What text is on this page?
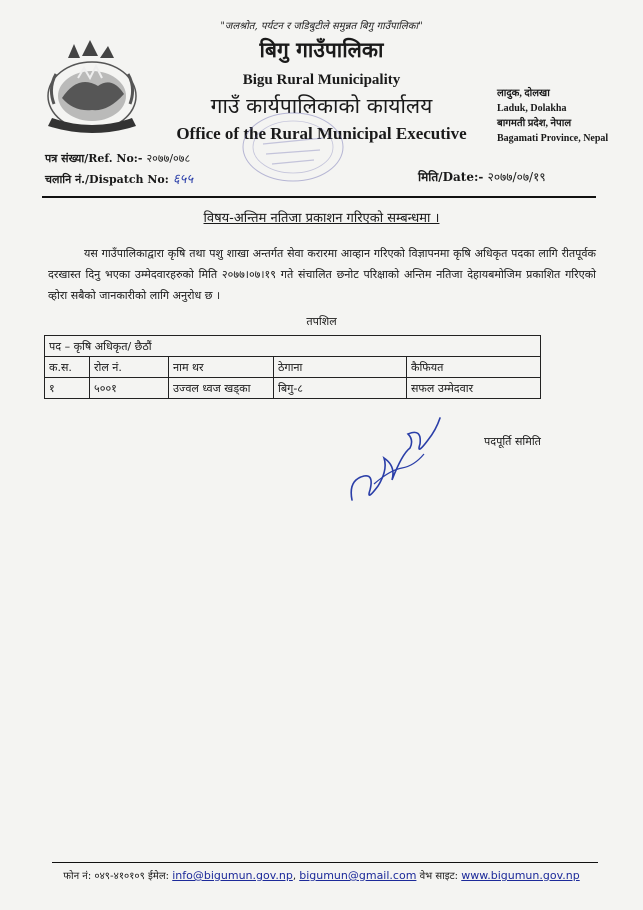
"जलश्रोत, पर्यटन र जडिबुटीले समुन्नत बिगु गाउँपालिका"
बिगु गाउँपालिका
Bigu Rural Municipality
गाउँ कार्यपालिकाको कार्यालय
Office of the Rural Municipal Executive
लादुक, दोलखा
Laduk, Dolakha
बागमती प्रदेश, नेपाल
Bagamati Province, Nepal
पत्र संख्या/Ref. No:- २०७७/०७८
चलानि नं./Dispatch No: ६५५	मिति/Date:- २०७७/०७/१९
विषय-अन्तिम नतिजा प्रकाशन गरिएको सम्बन्धमा ।

यस गाउँपालिकाद्वारा कृषि तथा पशु शाखा अन्तर्गत सेवा करारमा आव्हान गरिएको विज्ञापनमा कृषि अधिकृत पदका लागि रीतपूर्वक दरखास्त दिनु भएका उम्मेदवारहरुको मिति २०७७।०७।१९ गते संचालित छनोट परिक्षाको अन्तिम नतिजा देहायबमोजिम प्रकाशित गरिएको व्होरा सबैको जानकारीको लागि अनुरोध छ ।

तपशिल
पद – कृषि अधिकृत/ छैठौं				
क.स.	रोल नं.	नाम थर	ठेगाना	कैफियत
१	५००१	उज्वल ध्वज खड्का	बिगु-८	सफल उम्मेदवार
पदपूर्ति समिति
फोन नं: ०४९-४१०१०९ ईमेल: info@bigumun.gov.np, bigumun@gmail.com वेभ साइट: www.bigumun.gov.np
